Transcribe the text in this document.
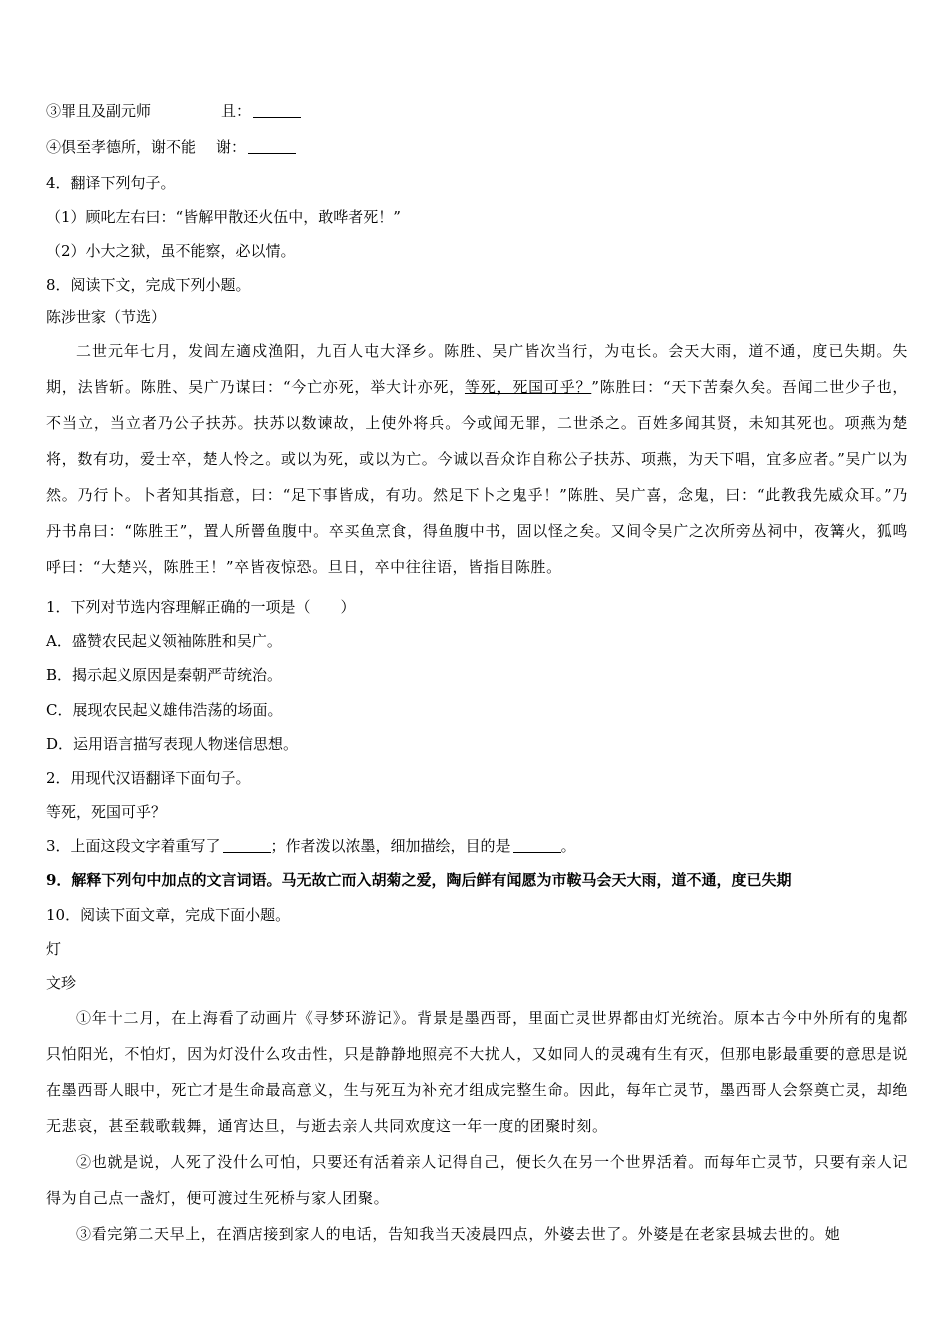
③罪且及副元师	且：
④俱至孝德所，谢不能 谢：
4．翻译下列句子。
（1）顾叱左右曰：“皆解甲散还火伍中，敢哗者死！”
（2）小大之狱，虽不能察，必以情。
8．阅读下文，完成下列小题。
陈涉世家（节选）
二世元年七月，发闾左適戍渔阳，九百人屯大泽乡。陈胜、吴广皆次当行，为屯长。会天大雨，道不通，度已失期。失期，法皆斩。陈胜、吴广乃谋曰：“今亡亦死，举大计亦死，等死，死国可乎？”陈胜曰：“天下苦秦久矣。吾闻二世少子也，不当立，当立者乃公子扶苏。扶苏以数谏故，上使外将兵。今或闻无罪，二世杀之。百姓多闻其贤，未知其死也。项燕为楚将，数有功，爱士卒，楚人怜之。或以为死，或以为亡。今诚以吾众诈自称公子扶苏、项燕，为天下唱，宜多应者。”吴广以为然。乃行卜。卜者知其指意，曰：“足下事皆成，有功。然足下卜之鬼乎！”陈胜、吴广喜，念鬼，曰：“此教我先威众耳。”乃丹书帛曰：“陈胜王”，置人所罾鱼腹中。卒买鱼烹食，得鱼腹中书，固以怪之矣。又间令吴广之次所旁丛祠中，夜篝火，狐鸣呼曰：“大楚兴，陈胜王！”卒皆夜惊恐。旦日，卒中往往语，皆指目陈胜。
1．下列对节选内容理解正确的一项是（　　）
A．盛赞农民起义领袖陈胜和吴广。
B．揭示起义原因是秦朝严苛统治。
C．展现农民起义雄伟浩荡的场面。
D．运用语言描写表现人物迷信思想。
2．用现代汉语翻译下面句子。
等死，死国可乎？
3．上面这段文字着重写了	；作者泼以浓墨，细加描绘，目的是	。
9．解释下列句中加点的文言词语。马无故亡而入胡菊之爱，陶后鲜有闻愿为市鞍马会天大雨，道不通，度已失期
10．阅读下面文章，完成下面小题。
灯
文珍
①年十二月，在上海看了动画片《寻梦环游记》。背景是墨西哥，里面亡灵世界都由灯光统治。原本古今中外所有的鬼都只怕阳光，不怕灯，因为灯没什么攻击性，只是静静地照亮不大扰人，又如同人的灵魂有生有灭，但那电影最重要的意思是说在墨西哥人眼中，死亡才是生命最高意义，生与死互为补充才组成完整生命。因此，每年亡灵节，墨西哥人会祭奠亡灵，却绝无悲哀，甚至载歌载舞，通宵达旦，与逝去亲人共同欢度这一年一度的团聚时刻。
②也就是说，人死了没什么可怕，只要还有活着亲人记得自己，便长久在另一个世界活着。而每年亡灵节，只要有亲人记得为自己点一盏灯，便可渡过生死桥与家人团聚。
③看完第二天早上，在酒店接到家人的电话，告知我当天凌晨四点，外婆去世了。外婆是在老家县城去世的。她
